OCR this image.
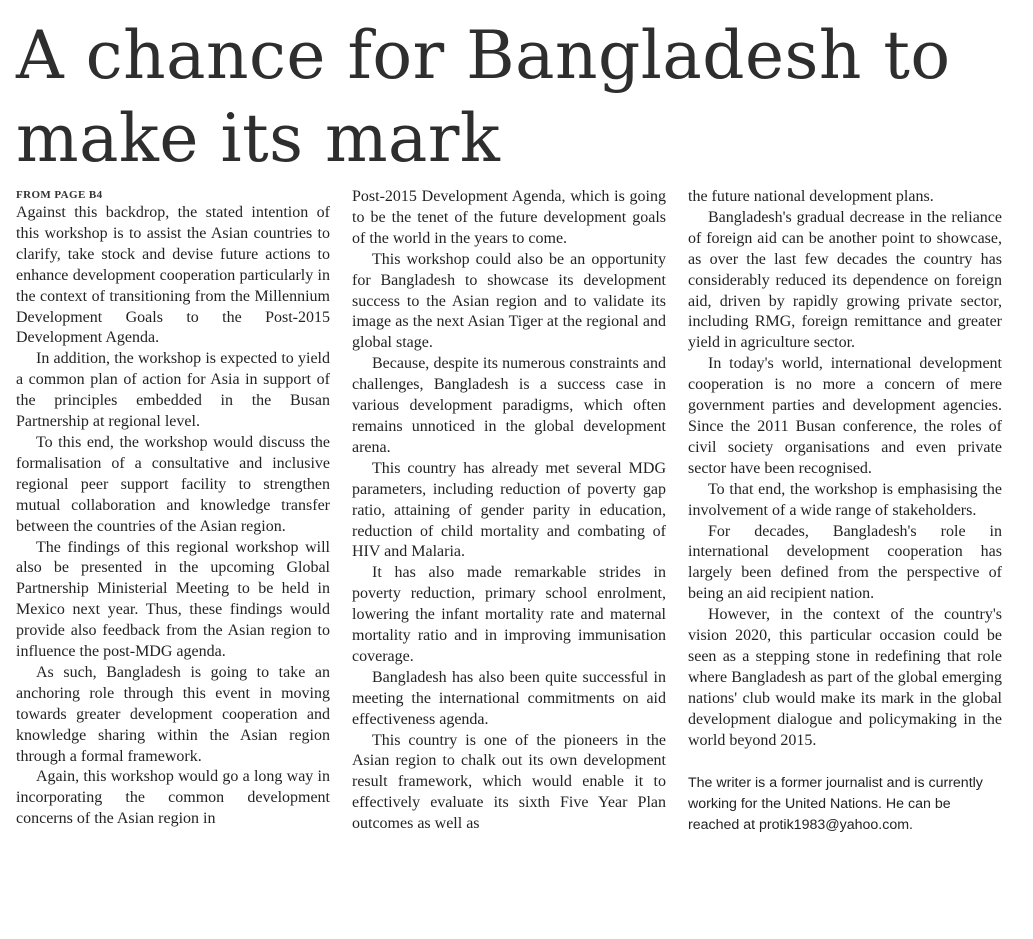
A chance for Bangladesh to make its mark
FROM PAGE B4

Against this backdrop, the stated intention of this workshop is to assist the Asian countries to clarify, take stock and devise future actions to enhance development cooperation particularly in the context of transitioning from the Millennium Development Goals to the Post-2015 Development Agenda.

In addition, the workshop is expected to yield a common plan of action for Asia in support of the principles embedded in the Busan Partnership at regional level.

To this end, the workshop would discuss the formalisation of a consultative and inclusive regional peer support facility to strengthen mutual collaboration and knowledge transfer between the countries of the Asian region.

The findings of this regional workshop will also be presented in the upcoming Global Partnership Ministerial Meeting to be held in Mexico next year. Thus, these findings would provide also feedback from the Asian region to influence the post-MDG agenda.

As such, Bangladesh is going to take an anchoring role through this event in moving towards greater development cooperation and knowledge sharing within the Asian region through a formal framework.

Again, this workshop would go a long way in incorporating the common development concerns of the Asian region in

Post-2015 Development Agenda, which is going to be the tenet of the future development goals of the world in the years to come.

This workshop could also be an opportunity for Bangladesh to showcase its development success to the Asian region and to validate its image as the next Asian Tiger at the regional and global stage.

Because, despite its numerous constraints and challenges, Bangladesh is a success case in various development paradigms, which often remains unnoticed in the global development arena.

This country has already met several MDG parameters, including reduction of poverty gap ratio, attaining of gender parity in education, reduction of child mortality and combating of HIV and Malaria.

It has also made remarkable strides in poverty reduction, primary school enrolment, lowering the infant mortality rate and maternal mortality ratio and in improving immunisation coverage.

Bangladesh has also been quite successful in meeting the international commitments on aid effectiveness agenda.

This country is one of the pioneers in the Asian region to chalk out its own development result framework, which would enable it to effectively evaluate its sixth Five Year Plan outcomes as well as

the future national development plans.

Bangladesh's gradual decrease in the reliance of foreign aid can be another point to showcase, as over the last few decades the country has considerably reduced its dependence on foreign aid, driven by rapidly growing private sector, including RMG, foreign remittance and greater yield in agriculture sector.

In today's world, international development cooperation is no more a concern of mere government parties and development agencies. Since the 2011 Busan conference, the roles of civil society organisations and even private sector have been recognised.

To that end, the workshop is emphasising the involvement of a wide range of stakeholders.

For decades, Bangladesh's role in international development cooperation has largely been defined from the perspective of being an aid recipient nation.

However, in the context of the country's vision 2020, this particular occasion could be seen as a stepping stone in redefining that role where Bangladesh as part of the global emerging nations' club would make its mark in the global development dialogue and policymaking in the world beyond 2015.

The writer is a former journalist and is currently working for the United Nations. He can be reached at protik1983@yahoo.com.
